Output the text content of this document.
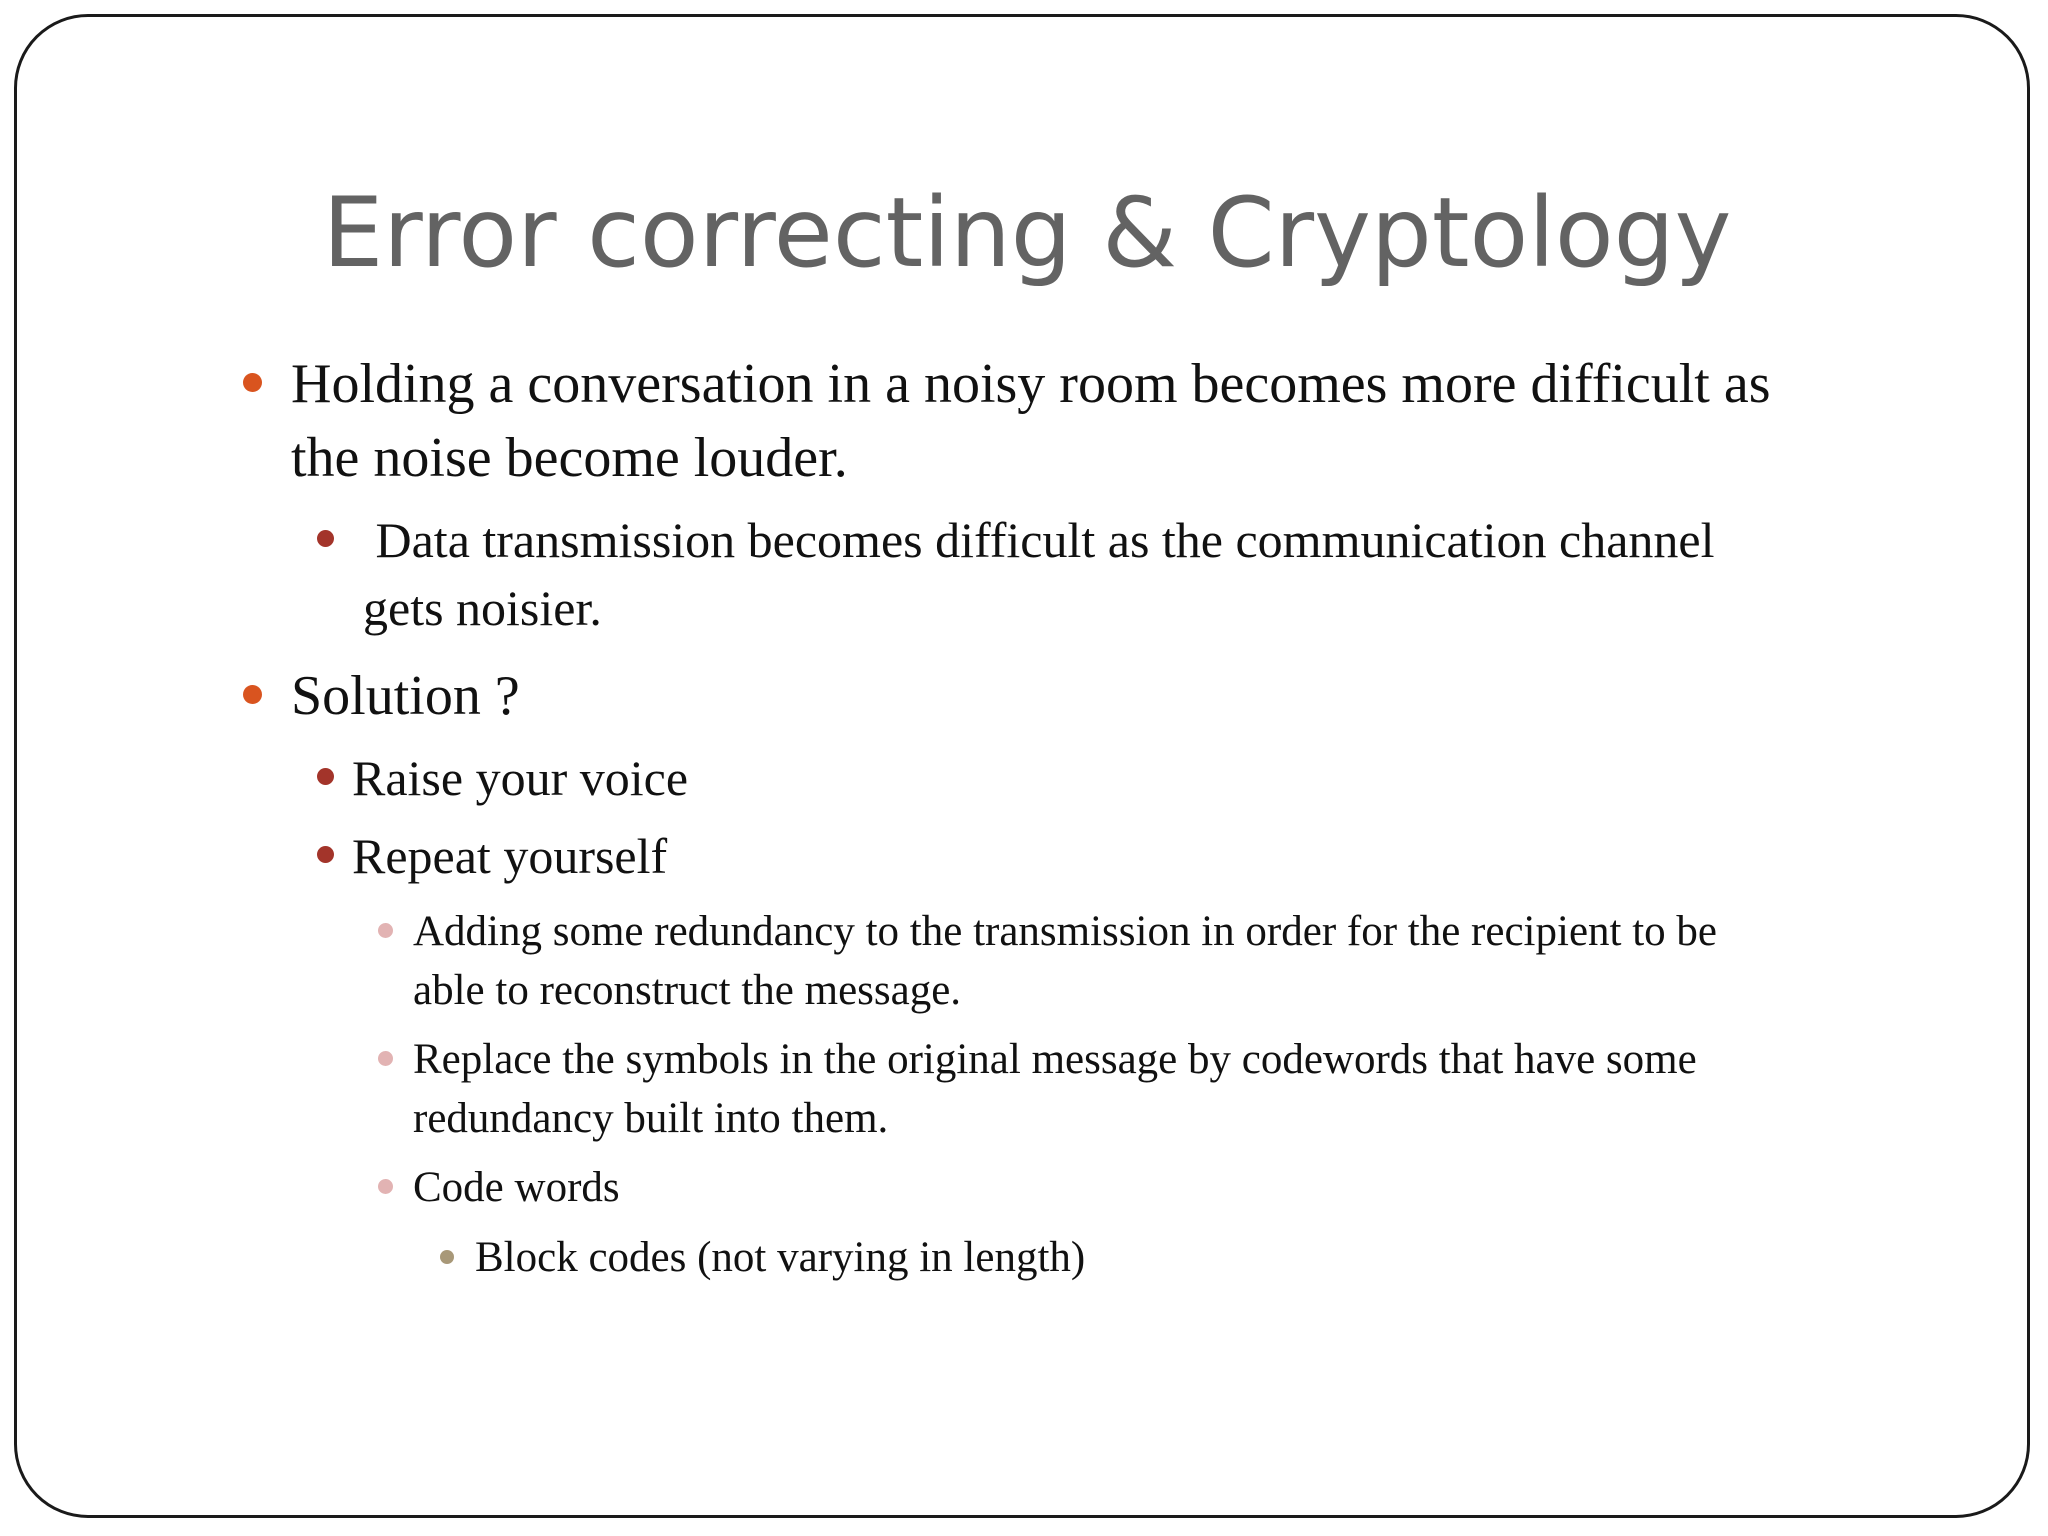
Error correcting & Cryptology
Holding a conversation in a noisy room becomes more difficult as
the noise become louder.
Data transmission becomes difficult as the communication channel
gets noisier.
Solution ?
Raise your voice
Repeat yourself
Adding some redundancy to the transmission in order for the recipient to be
able to reconstruct the message.
Replace the symbols in the original message by codewords that have some
redundancy built into them.
Code words
Block codes (not varying in length)
